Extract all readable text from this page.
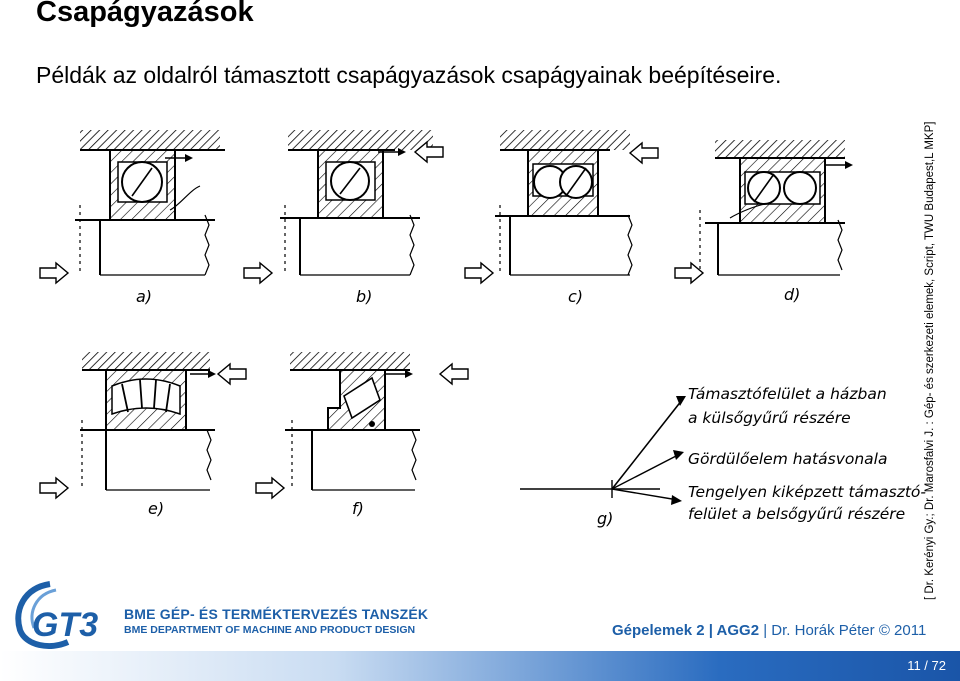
Csapágyazások
Példák az oldalról támasztott csapágyazások csapágyainak beépítéseire.
a)	b)	c)	d)
e)	f)
g)
Támasztófelület a házban
a külsőgyűrű részére
Gördülőelem hatásvonala
Tengelyen kiképzett támasztó-
felület a belsőgyűrű részére [ Dr. Kerényi Gy.; Dr. Marosfalvi J. : Gép- és szerkezeti elemek, Script, TWU Budapest,L MKP]
GT3 BME GÉP- ÉS TERMÉKTERVEZÉS TANSZÉK
BME DEPARTMENT OF MACHINE AND PRODUCT DESIGN	Gépelemek 2 | AGG2 | Dr. Horák Péter © 2011
11 / 72
